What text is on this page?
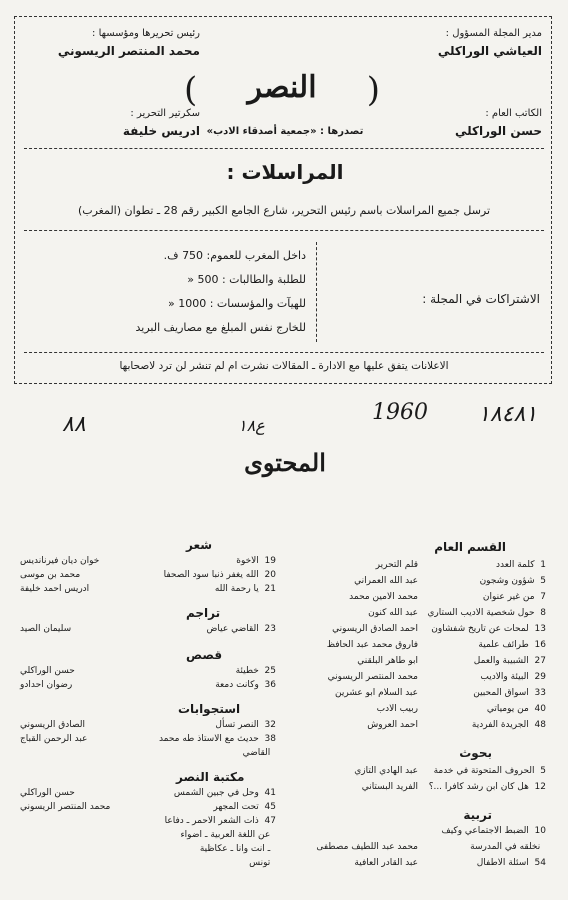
مدير المجلة المسؤول :
العياشي الوراكلي
الكاتب العام :
حسن الوراكلي
رئيس تحريرها ومؤسسها :
محمد المنتصر الريسوني
سكرتير التحرير :
ادريس خليفة
(	النصر	)
تصدرها : «جمعية أصدقاء الادب»
المراسلات :
ترسل جميع المراسلات باسم رئيس التحرير، شارع الجامع الكبير رقم 28 ـ تطوان (المغرب)
الاشتراكات في المجلة :
داخل المغرب للعموم: 750 ف.
للطلبة والطالبات : 500 «
للهيآت والمؤسسات : 1000 «
للخارج نفس المبلغ مع مصاريف البريد
الاعلانات يتفق عليها مع الادارة ـ المقالات نشرت ام لم تنشر لن ترد لاصحابها
٨٨	1960 ١٨٤٨١
ع١٨
المحتوى
القسم العام
1  كلمة العدد
قلم التحرير
5  شؤون وشجون
عبد الله العمراني
7  من غير عنوان
محمد الامين محمد
8  حول شخصية الاديب الستاري
عبد الله كنون
13  لمحات عن تاريخ شفشاون
احمد الصادق الريسوني
16  طرائف علمية
فاروق محمد عبد الحافظ
27  الشبيبة والعمل
ابو طاهر البلقني
29  البيئة والاديب
محمد المنتصر الريسوني
33  اسواق المحبين
عبد السلام ابو عشرين
40  من يومياتي
ربيب الادب
48  الجريدة الفردية
احمد العروش
بحوث
5  الحروف المتحوتة في خدمة
عبد الهادي التازي
12  هل كان ابن رشد كافرا ...؟
الفريد البستاني
تربية
10  الضبط الاجتماعي وكيف
نخلقه في المدرسة
محمد عبد اللطيف مصطفى
54  اسئلة الاطفال
عبد القادر العافية
شعر
19  الاخوة
خوان ديان فيرنانديس
20  الله يغفر ذنبا سود الصحفا
محمد بن موسى
21  يا رحمة الله
ادريس احمد خليفة
تراجم
23  القاضي عياض
سليمان الصيد
قصص
25  خطيئة
حسن الوراكلي
36  وكانت دمعة
رضوان احدادو
استجوابات
32  النصر تسأل
الصادق الريسوني
38  حديث مع الاستاذ طه محمد
عبد الرحمن القباج
القاضي
مكتبة النصر
41  وحل في جبين الشمس
حسن الوراكلي
45  تحت المجهر
محمد المنتصر الريسوني
47  ذات الشعر الاحمر ـ دفاعا
عن اللغة العربية ـ اضواء
ـ انت وانا ـ عكاظية
تونس
